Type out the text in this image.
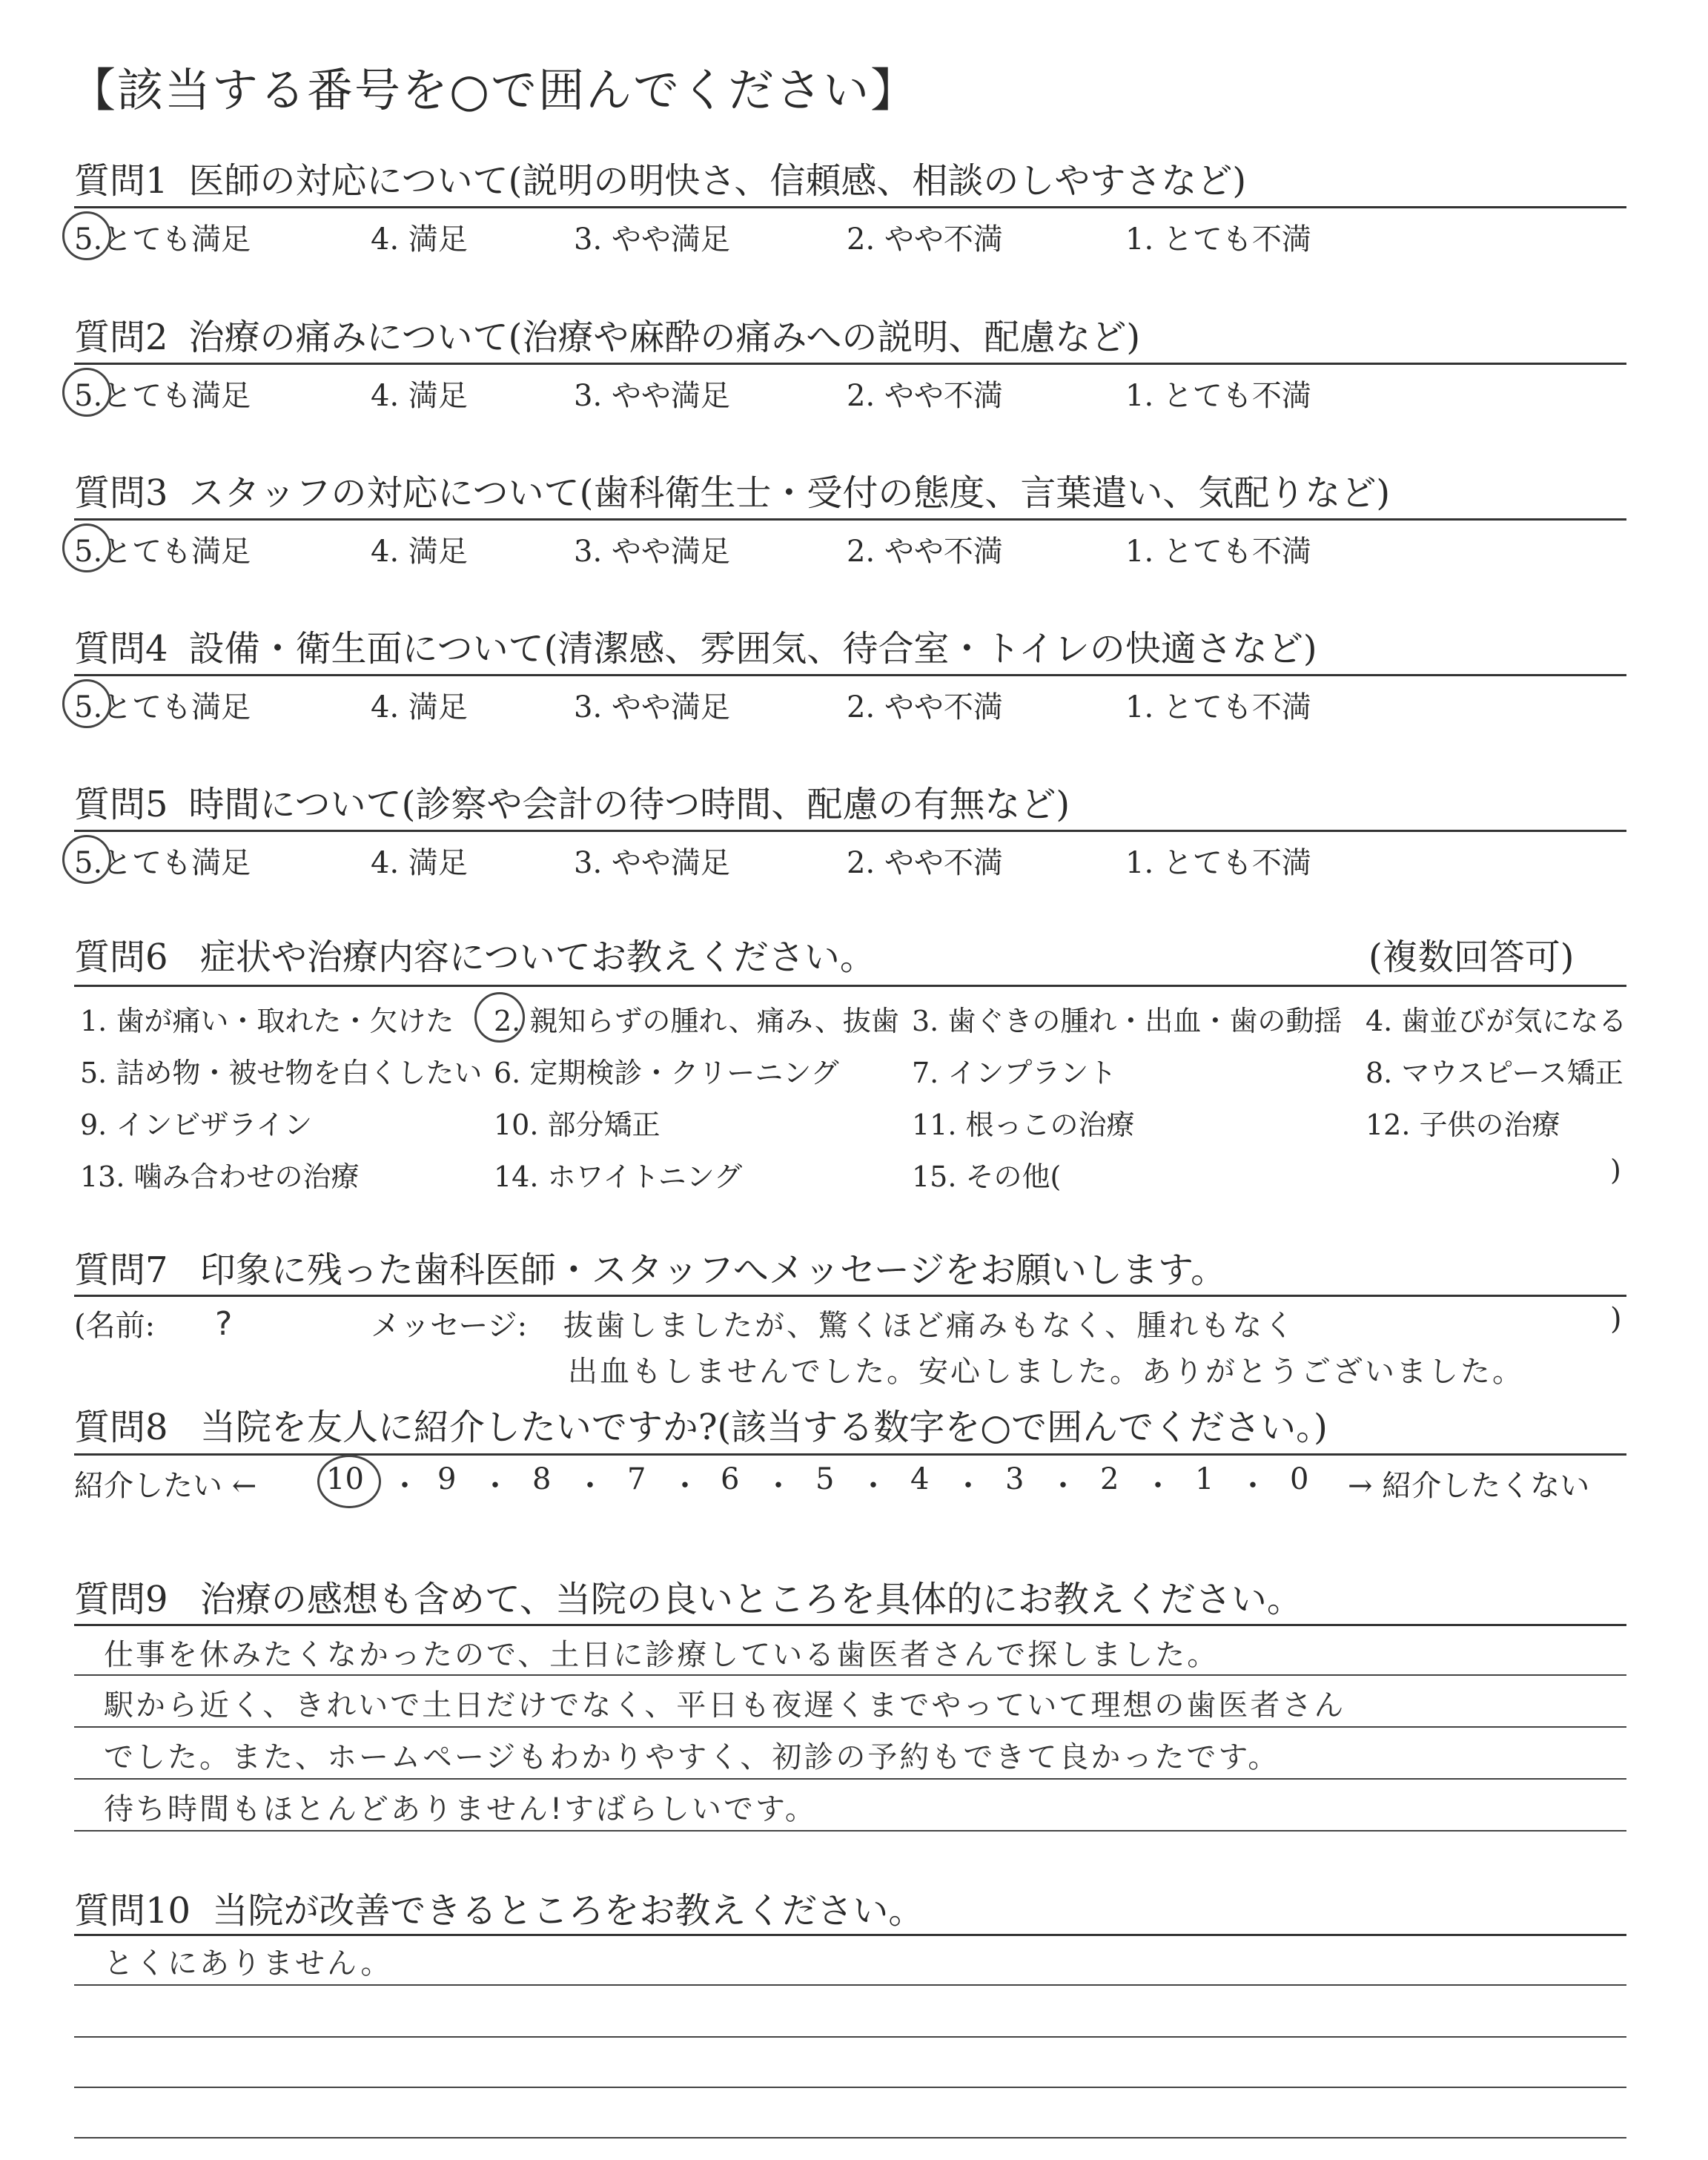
【該当する番号を○で囲んでください】
質問1 医師の対応について(説明の明快さ、信頼感、相談のしやすさなど)
5.とても満足	4. 満足	3. やや満足	2. やや不満	1. とても不満
質問2 治療の痛みについて(治療や麻酔の痛みへの説明、配慮など)
5.とても満足	4. 満足	3. やや満足	2. やや不満	1. とても不満
質問3 スタッフの対応について(歯科衛生士・受付の態度、言葉遣い、気配りなど)
5.とても満足	4. 満足	3. やや満足	2. やや不満	1. とても不満
質問4 設備・衛生面について(清潔感、雰囲気、待合室・トイレの快適さなど)
5.とても満足	4. 満足	3. やや満足	2. やや不満	1. とても不満
質問5 時間について(診察や会計の待つ時間、配慮の有無など)
5.とても満足	4. 満足	3. やや満足	2. やや不満	1. とても不満
質問6 症状や治療内容についてお教えください。	(複数回答可)
1. 歯が痛い・取れた・欠けた 2. 親知らずの腫れ、痛み、抜歯 3. 歯ぐきの腫れ・出血・歯の動揺 4. 歯並びが気になる
5. 詰め物・被せ物を白くしたい 6. 定期検診・クリーニング	7. インプラント	8. マウスピース矯正
9. インビザライン	10. 部分矯正	11. 根っこの治療	12. 子供の治療
13. 噛み合わせの治療	14. ホワイトニング	15. その他(	)
質問7 印象に残った歯科医師・スタッフへメッセージをお願いします。
(名前: ?	メッセージ: 抜歯しましたが、驚くほど痛みもなく、腫れもなく
出血もしませんでした。安心しました。ありがとうございました。
)
質問8 当院を友人に紹介したいですか?(該当する数字を○で囲んでください。)
紹介したい ← 10 ・ 9 ・ 8 ・ 7 ・ 6 ・ 5 ・ 4 ・ 3 ・ 2 ・ 1 ・ 0 → 紹介したくない
質問9 治療の感想も含めて、当院の良いところを具体的にお教えください。
仕事を休みたくなかったので、土日に診療している歯医者さんで探しました。
駅から近く、きれいで土日だけでなく、平日も夜遅くまでやっていて理想の歯医者さん
でした。また、ホームページもわかりやすく、初診の予約もできて良かったです。
待ち時間もほとんどありません!すばらしいです。
質問10 当院が改善できるところをお教えください。
とくにありません。
